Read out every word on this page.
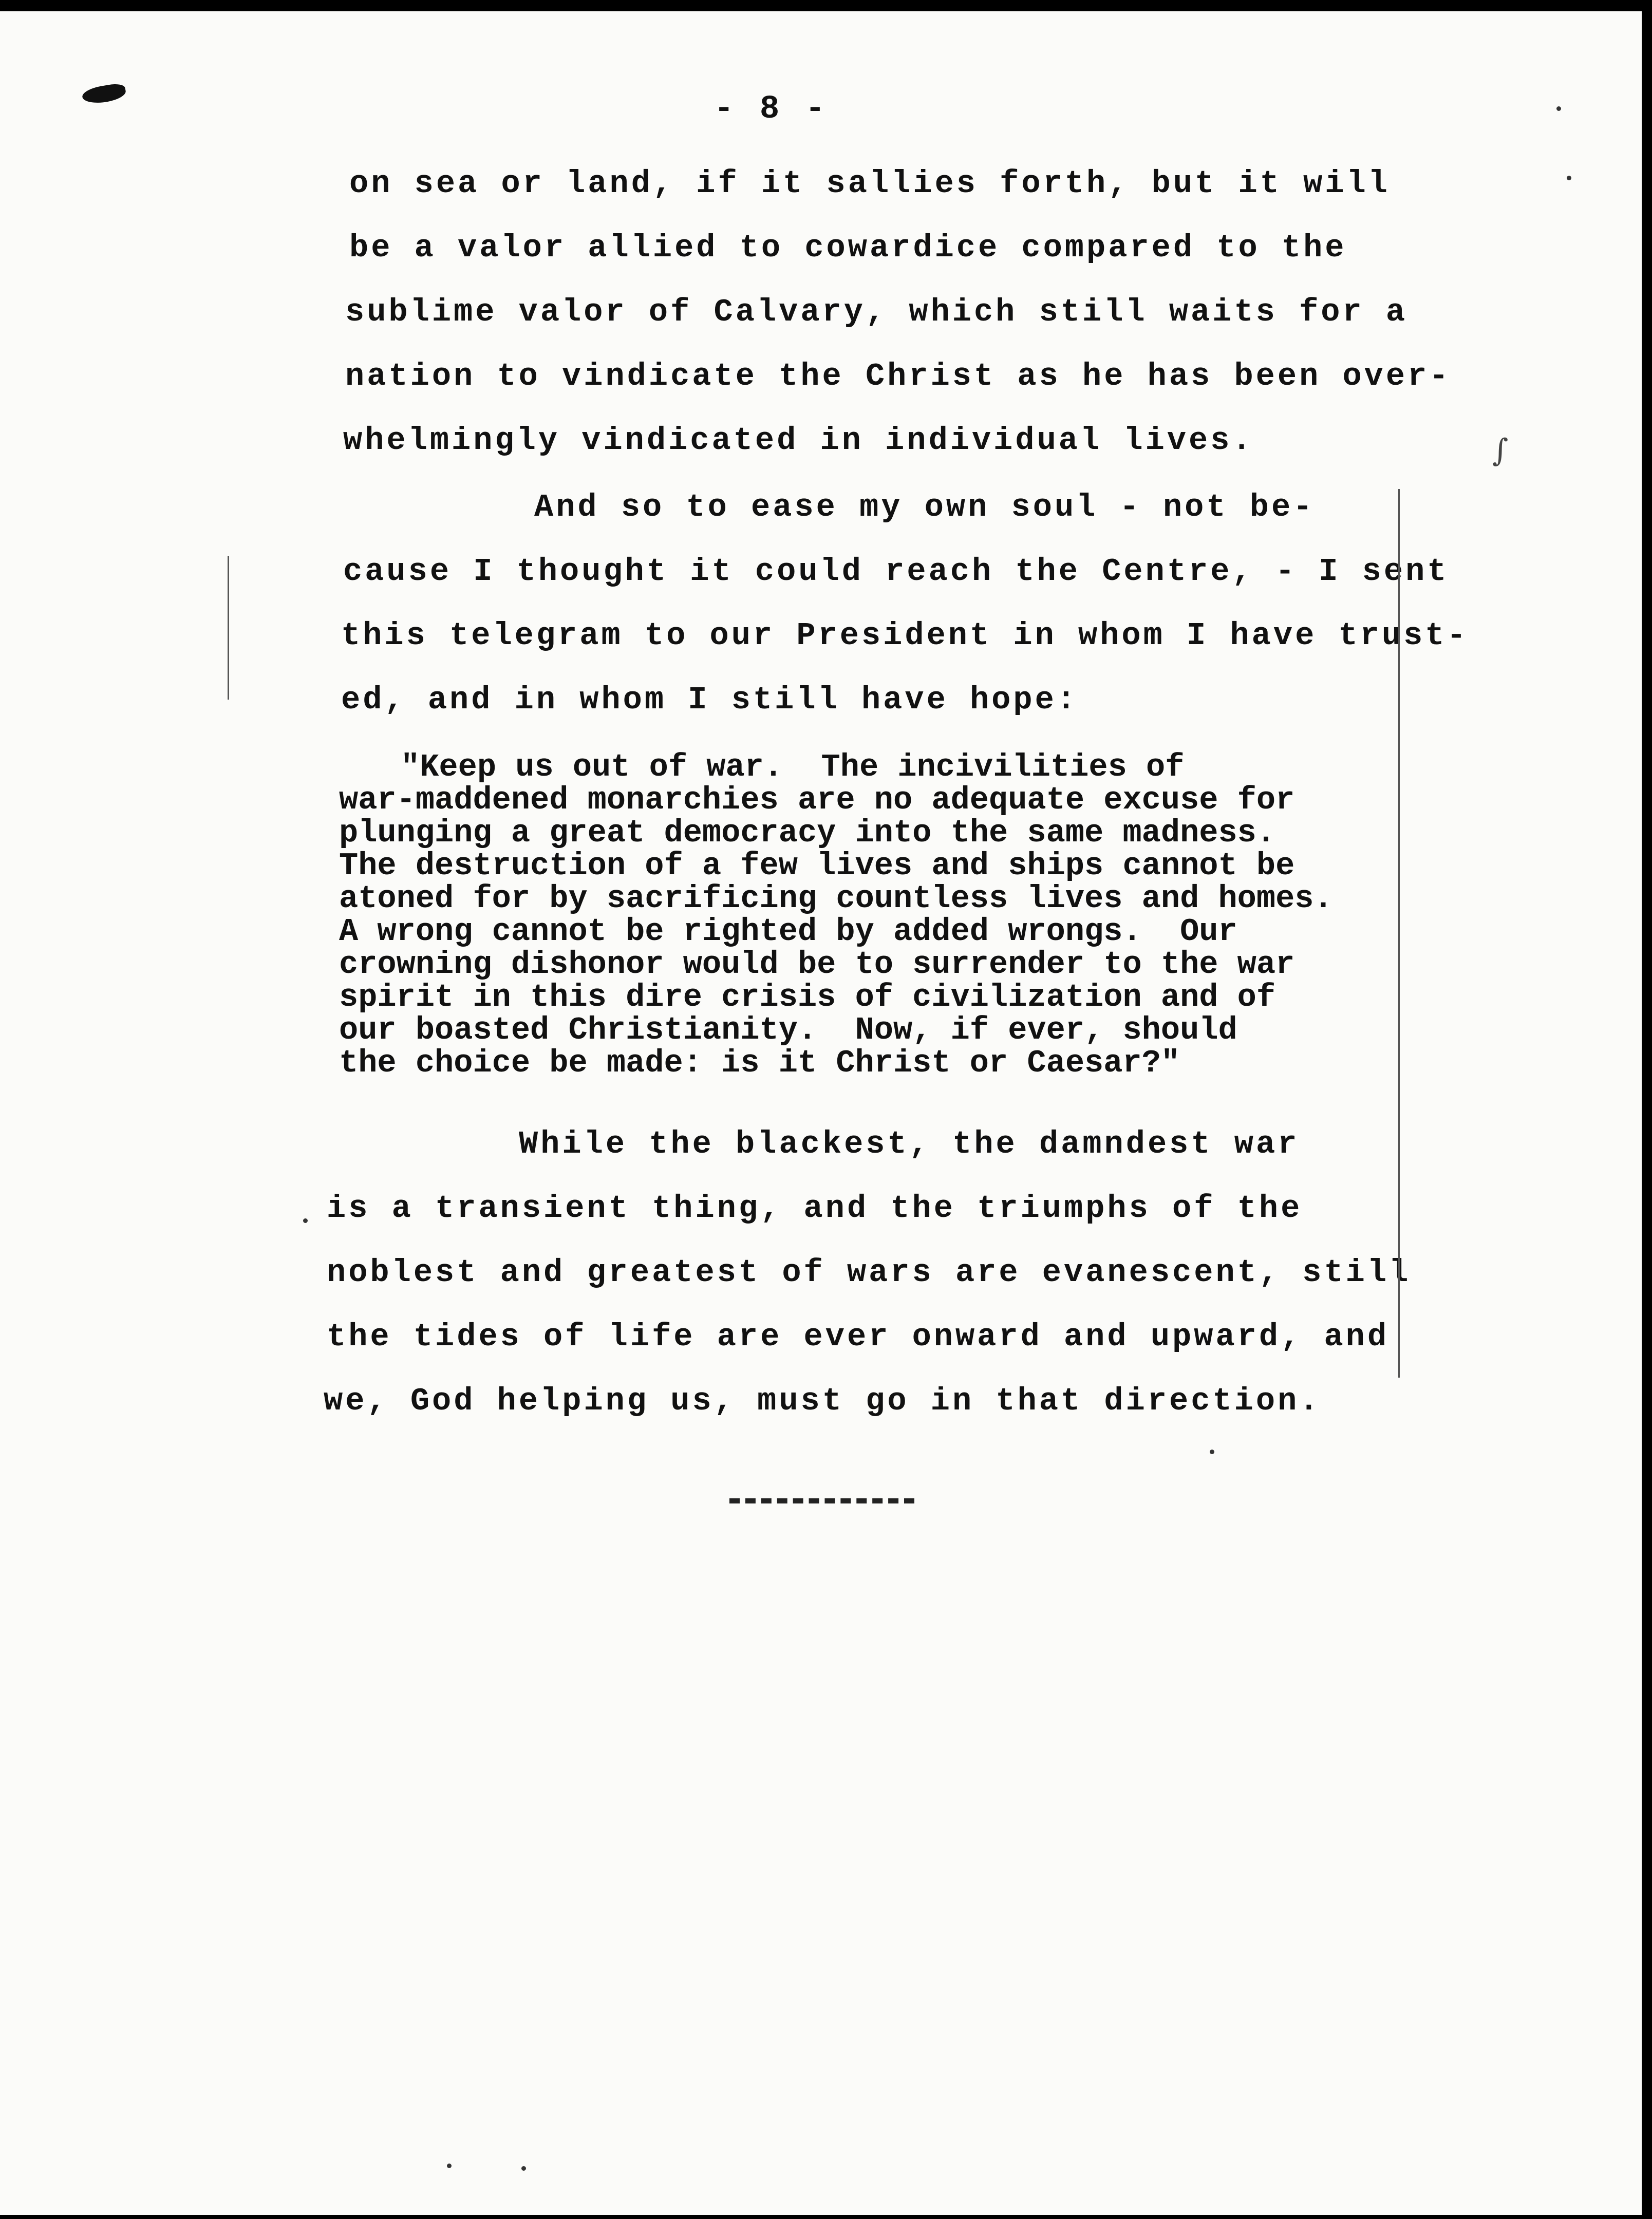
- 8 -
on sea or land, if it sallies forth, but it will
be a valor allied to cowardice compared to the
sublime valor of Calvary, which still waits for a
nation to vindicate the Christ as he has been over-
whelmingly vindicated in individual lives.
And so to ease my own soul - not be-
cause I thought it could reach the Centre, - I sent
this telegram to our President in whom I have trust-
ed, and in whom I still have hope:
"Keep us out of war.  The incivilities of
war-maddened monarchies are no adequate excuse for
plunging a great democracy into the same madness.
The destruction of a few lives and ships cannot be
atoned for by sacrificing countless lives and homes.
A wrong cannot be righted by added wrongs.  Our
crowning dishonor would be to surrender to the war
spirit in this dire crisis of civilization and of
our boasted Christianity.  Now, if ever, should
the choice be made: is it Christ or Caesar?"
While the blackest, the damndest war
is a transient thing, and the triumphs of the
noblest and greatest of wars are evanescent, still
the tides of life are ever onward and upward, and
we, God helping us, must go in that direction.
∫
